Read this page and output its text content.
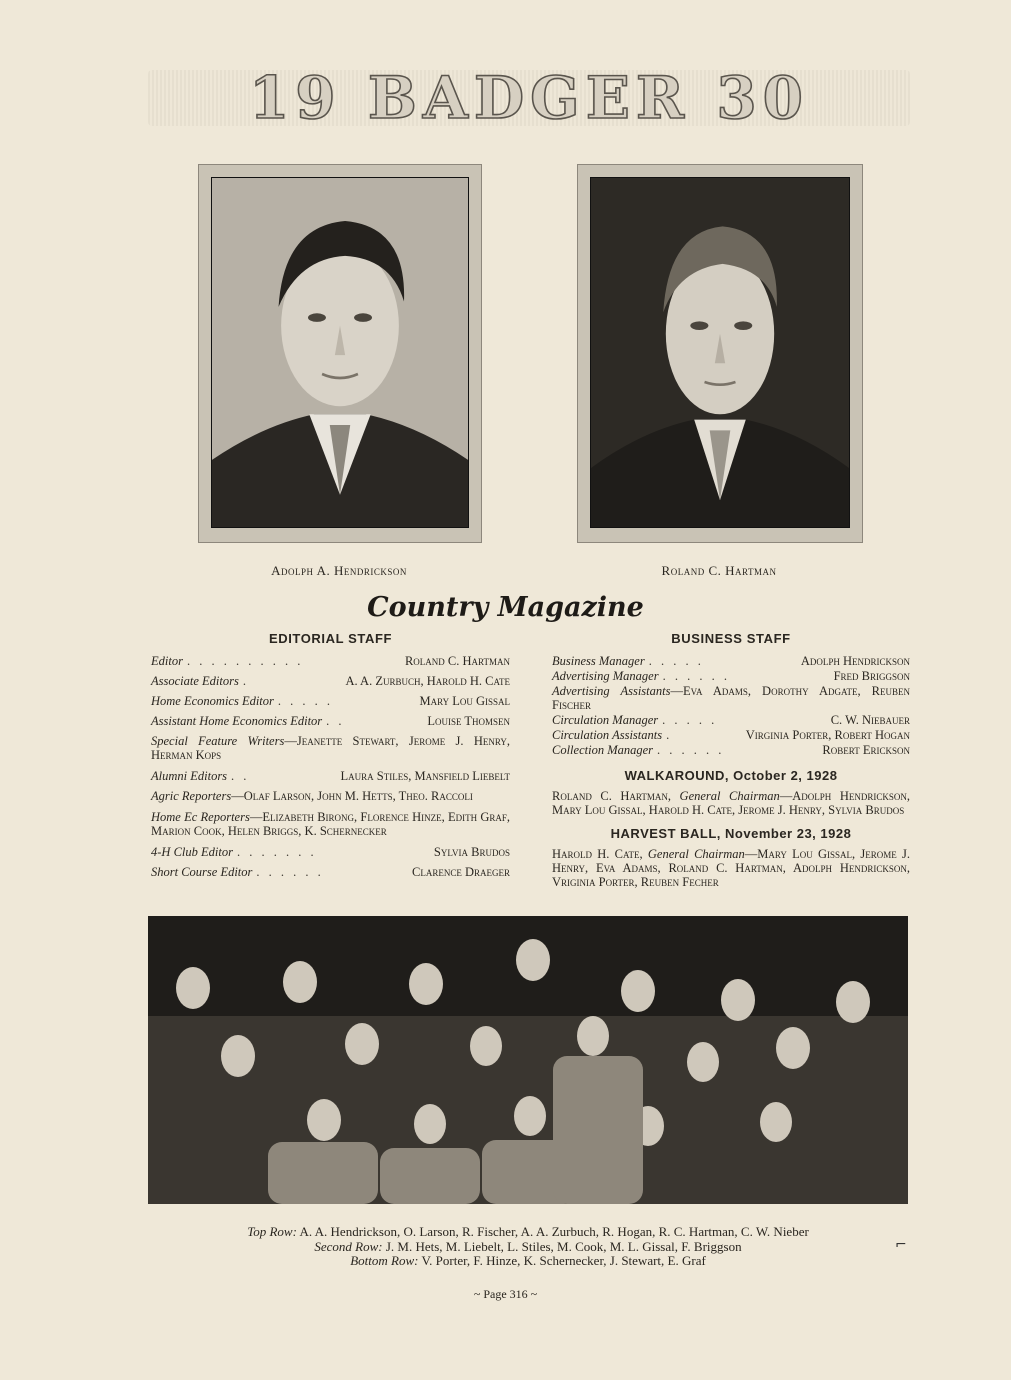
19 BADGER 30
Adolph A. Hendrickson	Roland C. Hartman
Country Magazine
EDITORIAL STAFF
Editor . . . . . . . . . .	Roland C. Hartman
Associate Editors .	A. A. Zurbuch, Harold H. Cate
Home Economics Editor . . . . .	Mary Lou Gissal
Assistant Home Economics Editor . .	Louise Thomsen
Special Feature Writers—Jeanette Stewart, Jerome J. Henry, Herman Kops
Alumni Editors . .	Laura Stiles, Mansfield Liebelt
Agric Reporters—Olaf Larson, John M. Hetts, Theo. Raccoli
Home Ec Reporters—Elizabeth Birong, Florence Hinze, Edith Graf, Marion Cook, Helen Briggs, K. Schernecker
4-H Club Editor . . . . . . .	Sylvia Brudos
Short Course Editor . . . . . .	Clarence Draeger
BUSINESS STAFF
Business Manager . . . . .	Adolph Hendrickson
Advertising Manager . . . . . .	Fred Briggson
Advertising Assistants—Eva Adams, Dorothy Adgate, Reuben Fischer
Circulation Manager . . . . .	C. W. Niebauer
Circulation Assistants .	Virginia Porter, Robert Hogan
Collection Manager . . . . . .	Robert Erickson
WALKAROUND, October 2, 1928
Roland C. Hartman, General Chairman—Adolph Hendrickson, Mary Lou Gissal, Harold H. Cate, Jerome J. Henry, Sylvia Brudos
HARVEST BALL, November 23, 1928
Harold H. Cate, General Chairman—Mary Lou Gissal, Jerome J. Henry, Eva Adams, Roland C. Hartman, Adolph Hendrickson, Vriginia Porter, Reuben Fecher
Top Row: A. A. Hendrickson, O. Larson, R. Fischer, A. A. Zurbuch, R. Hogan, R. C. Hartman, C. W. Nieber
Second Row: J. M. Hets, M. Liebelt, L. Stiles, M. Cook, M. L. Gissal, F. Briggson
Bottom Row: V. Porter, F. Hinze, K. Schernecker, J. Stewart, E. Graf
⌐
~ Page 316 ~
